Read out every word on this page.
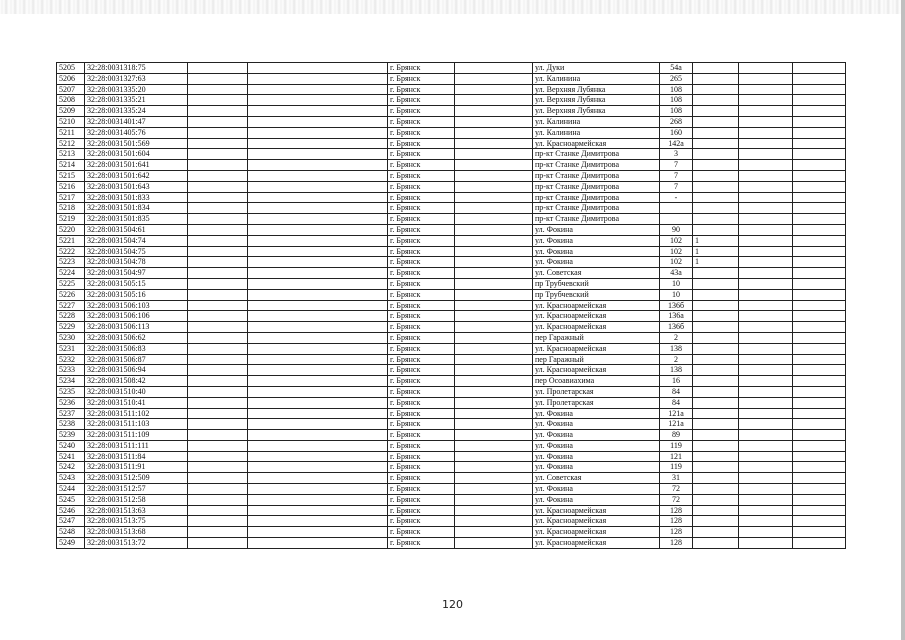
5205	32:28:0031318:75			г. Брянск		ул. Дуки	54а			
5206	32:28:0031327:63			г. Брянск		ул. Калинина	265			
5207	32:28:0031335:20			г. Брянск		ул. Верхняя Лубянка	108			
5208	32:28:0031335:21			г. Брянск		ул. Верхняя Лубянка	108			
5209	32:28:0031335:24			г. Брянск		ул. Верхняя Лубянка	108			
5210	32:28:0031401:47			г. Брянск		ул. Калинина	268			
5211	32:28:0031405:76			г. Брянск		ул. Калинина	160			
5212	32:28:0031501:569			г. Брянск		ул. Красноармейская	142а			
5213	32:28:0031501:604			г. Брянск		пр-кт Станке Димитрова	3			
5214	32:28:0031501:641			г. Брянск		пр-кт Станке Димитрова	7			
5215	32:28:0031501:642			г. Брянск		пр-кт Станке Димитрова	7			
5216	32:28:0031501:643			г. Брянск		пр-кт Станке Димитрова	7			
5217	32:28:0031501:833			г. Брянск		пр-кт Станке Димитрова	-			
5218	32:28:0031501:834			г. Брянск		пр-кт Станке Димитрова				
5219	32:28:0031501:835			г. Брянск		пр-кт Станке Димитрова				
5220	32:28:0031504:61			г. Брянск		ул. Фокина	90			
5221	32:28:0031504:74			г. Брянск		ул. Фокина	102	1		
5222	32:28:0031504:75			г. Брянск		ул. Фокина	102	1		
5223	32:28:0031504:78			г. Брянск		ул. Фокина	102	1		
5224	32:28:0031504:97			г. Брянск		ул. Советская	43а			
5225	32:28:0031505:15			г. Брянск		пр Трубчевский	10			
5226	32:28:0031505:16			г. Брянск		пр Трубчевский	10			
5227	32:28:0031506:103			г. Брянск		ул. Красноармейская	136б			
5228	32:28:0031506:106			г. Брянск		ул. Красноармейская	136а			
5229	32:28:0031506:113			г. Брянск		ул. Красноармейская	136б			
5230	32:28:0031506:62			г. Брянск		пер Гаражный	2			
5231	32:28:0031506:83			г. Брянск		ул. Красноармейская	138			
5232	32:28:0031506:87			г. Брянск		пер Гаражный	2			
5233	32:28:0031506:94			г. Брянск		ул. Красноармейская	138			
5234	32:28:0031508:42			г. Брянск		пер Осоавиахима	16			
5235	32:28:0031510:40			г. Брянск		ул. Пролетарская	84			
5236	32:28:0031510:41			г. Брянск		ул. Пролетарская	84			
5237	32:28:0031511:102			г. Брянск		ул. Фокина	121а			
5238	32:28:0031511:103			г. Брянск		ул. Фокина	121а			
5239	32:28:0031511:109			г. Брянск		ул. Фокина	89			
5240	32:28:0031511:111			г. Брянск		ул. Фокина	119			
5241	32:28:0031511:84			г. Брянск		ул. Фокина	121			
5242	32:28:0031511:91			г. Брянск		ул. Фокина	119			
5243	32:28:0031512:509			г. Брянск		ул. Советская	31			
5244	32:28:0031512:57			г. Брянск		ул. Фокина	72			
5245	32:28:0031512:58			г. Брянск		ул. Фокина	72			
5246	32:28:0031513:63			г. Брянск		ул. Красноармейская	128			
5247	32:28:0031513:75			г. Брянск		ул. Красноармейская	128			
5248	32:28:0031513:68			г. Брянск		ул. Красноармейская	128			
5249	32:28:0031513:72			г. Брянск		ул. Красноармейская	128			
120
